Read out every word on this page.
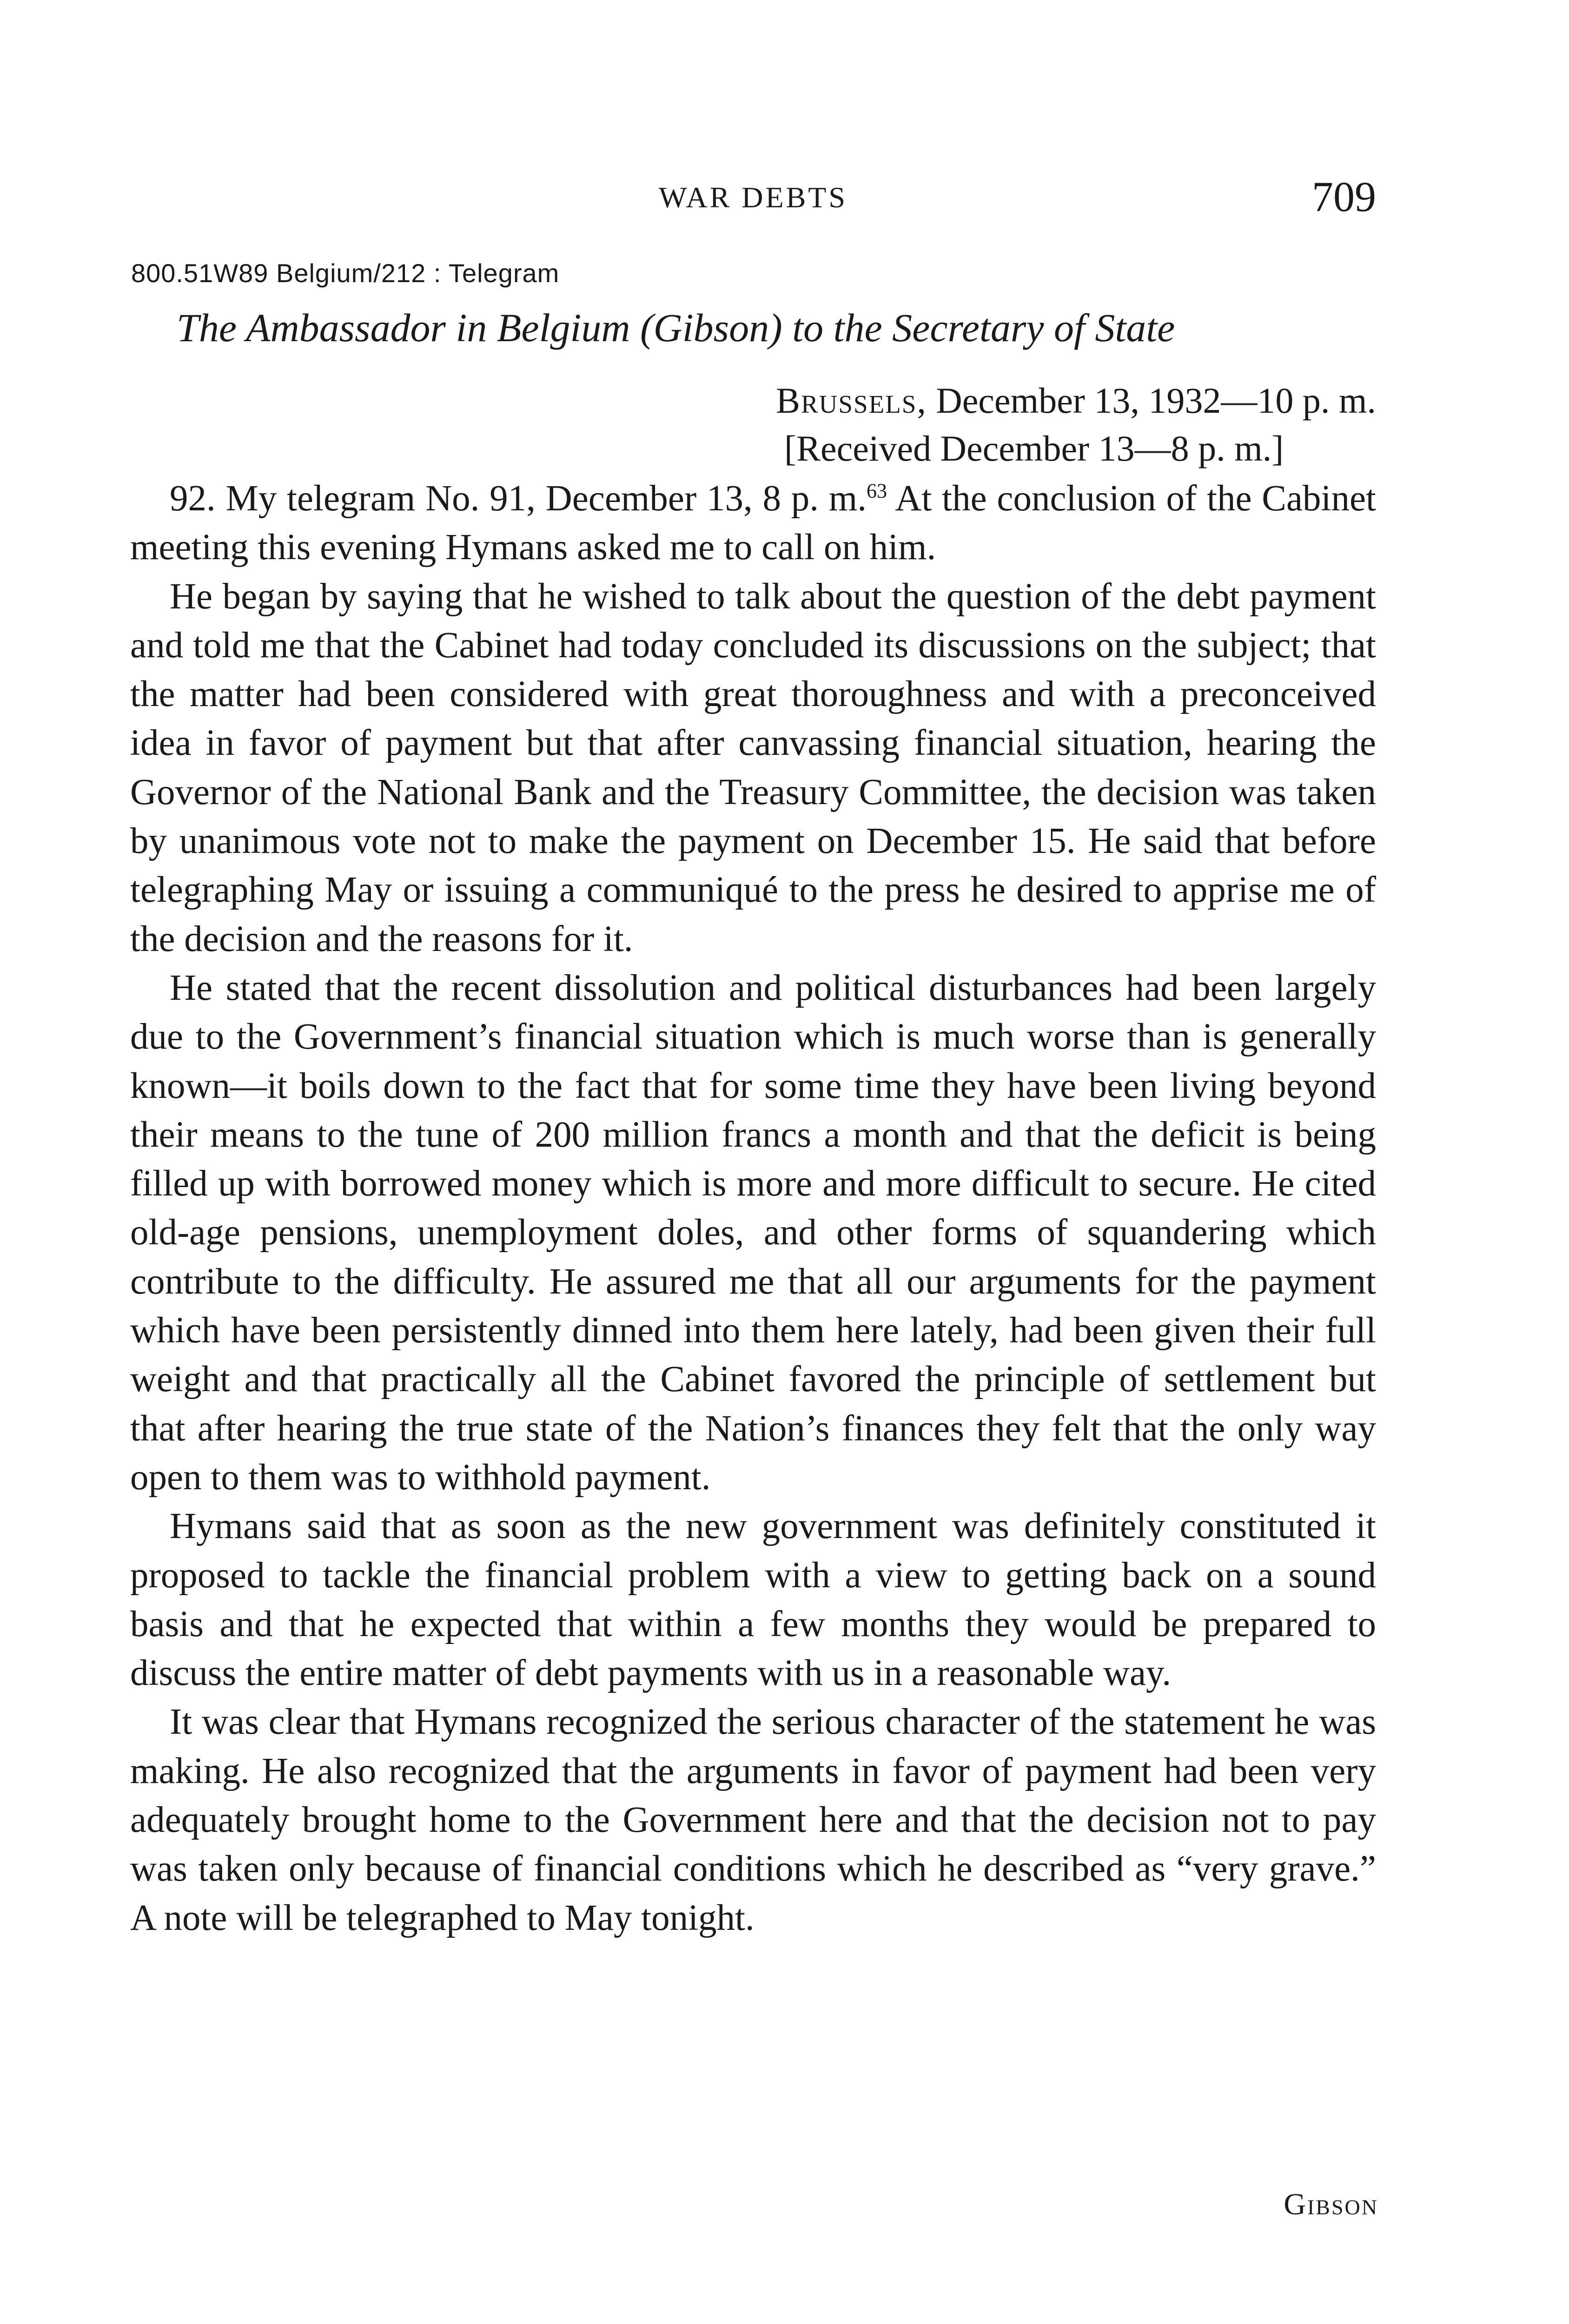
WAR DEBTS	709
800.51W89 Belgium/212 : Telegram
The Ambassador in Belgium (Gibson) to the Secretary of State
Brussels, December 13, 1932—10 p. m.
[Received December 13—8 p. m.]

92. My telegram No. 91, December 13, 8 p. m.$^{63}$ At the conclusion of the Cabinet meeting this evening Hymans asked me to call on him.

He began by saying that he wished to talk about the question of the debt payment and told me that the Cabinet had today concluded its discussions on the subject; that the matter had been considered with great thoroughness and with a preconceived idea in favor of payment but that after canvassing financial situation, hearing the Governor of the National Bank and the Treasury Committee, the decision was taken by unanimous vote not to make the payment on December 15. He said that before telegraphing May or issuing a communiqué to the press he desired to apprise me of the decision and the reasons for it.

He stated that the recent dissolution and political disturbances had been largely due to the Government’s financial situation which is much worse than is generally known—it boils down to the fact that for some time they have been living beyond their means to the tune of 200 million francs a month and that the deficit is being filled up with borrowed money which is more and more difficult to secure. He cited old-age pensions, unemployment doles, and other forms of squandering which contribute to the difficulty. He assured me that all our arguments for the payment which have been persistently dinned into them here lately, had been given their full weight and that practically all the Cabinet favored the principle of settlement but that after hearing the true state of the Nation’s finances they felt that the only way open to them was to withhold payment.

Hymans said that as soon as the new government was definitely constituted it proposed to tackle the financial problem with a view to getting back on a sound basis and that he expected that within a few months they would be prepared to discuss the entire matter of debt payments with us in a reasonable way.

It was clear that Hymans recognized the serious character of the statement he was making. He also recognized that the arguments in favor of payment had been very adequately brought home to the Government here and that the decision not to pay was taken only because of financial conditions which he described as “very grave.” A note will be telegraphed to May tonight.

Gibson
